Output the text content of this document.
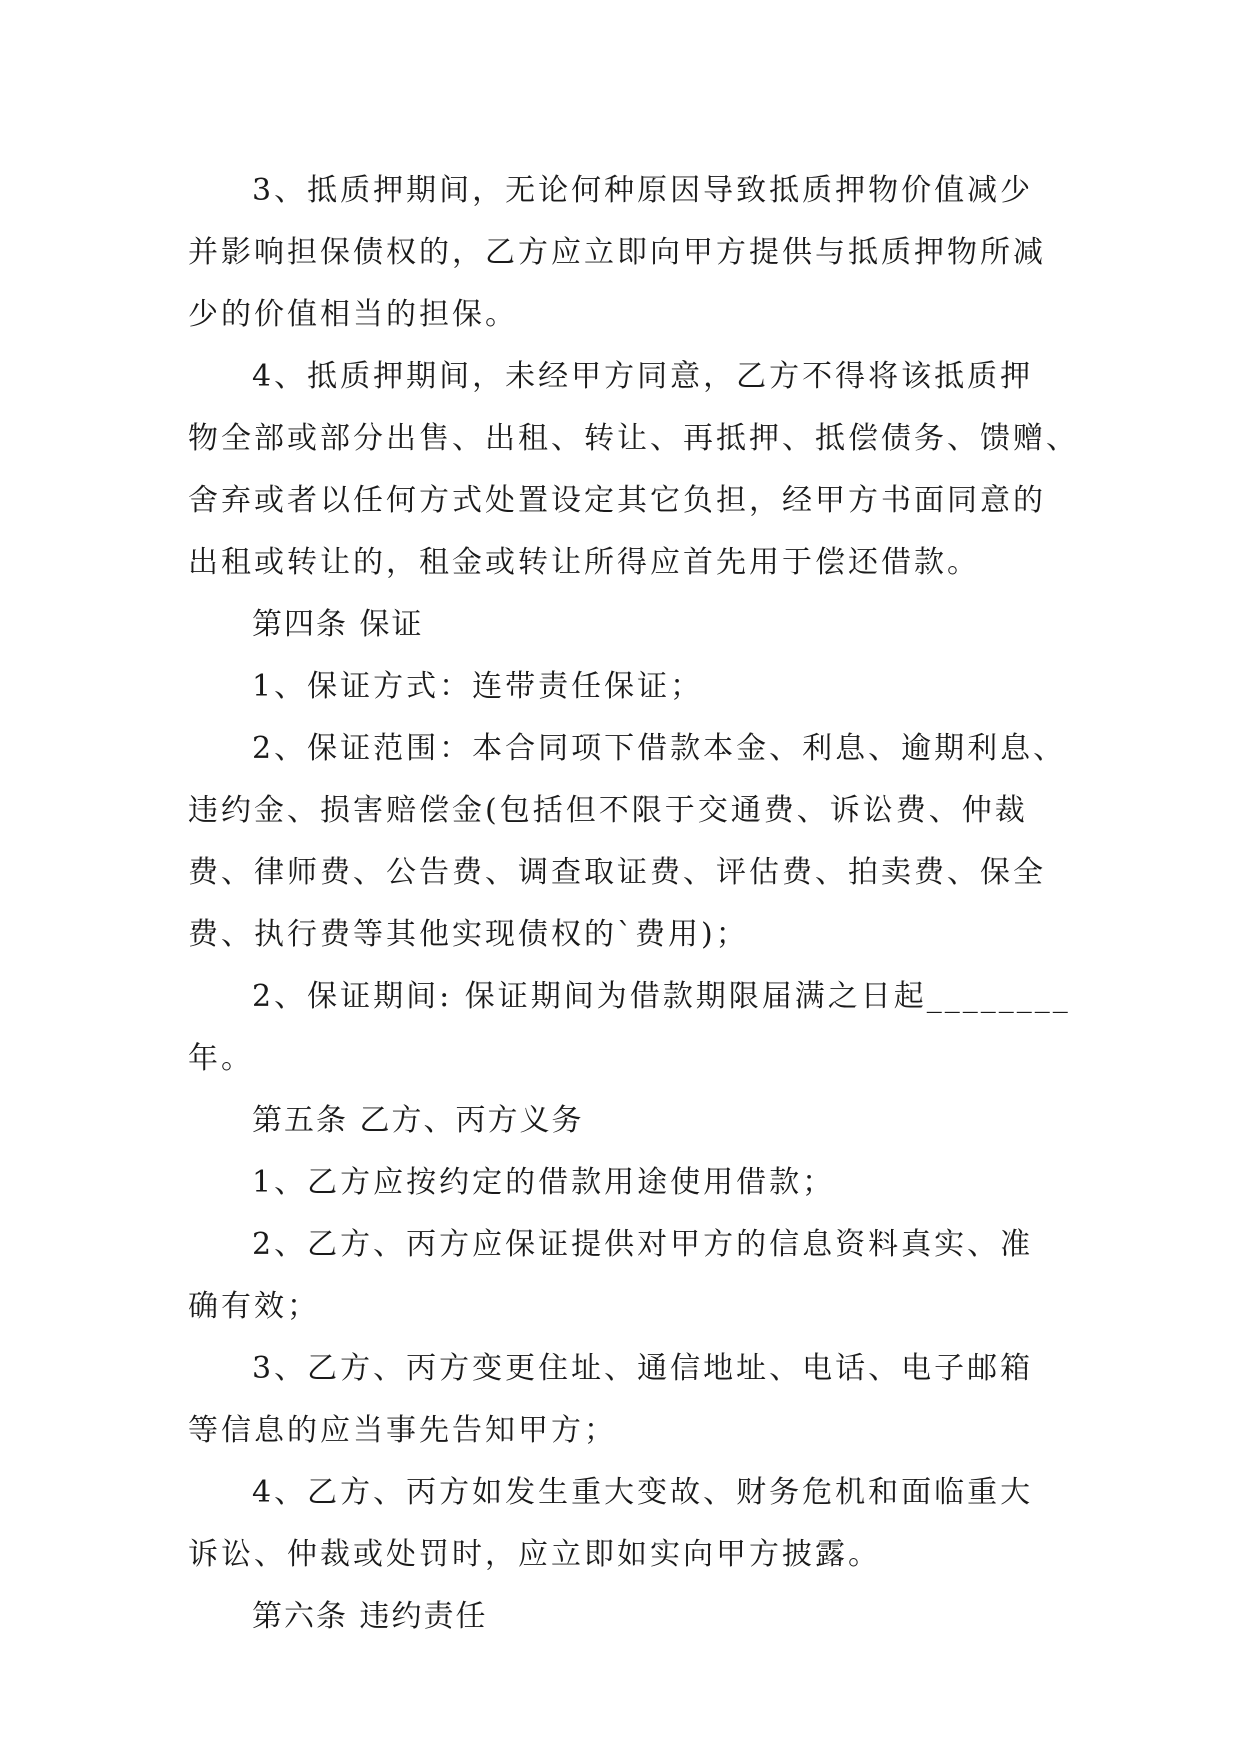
3、抵质押期间，无论何种原因导致抵质押物价值减少
并影响担保债权的，乙方应立即向甲方提供与抵质押物所减
少的价值相当的担保。
4、抵质押期间，未经甲方同意，乙方不得将该抵质押
物全部或部分出售、出租、转让、再抵押、抵偿债务、馈赠、
舍弃或者以任何方式处置设定其它负担，经甲方书面同意的
出租或转让的，租金或转让所得应首先用于偿还借款。
第四条 保证
1、保证方式：连带责任保证；
2、保证范围：本合同项下借款本金、利息、逾期利息、
违约金、损害赔偿金(包括但不限于交通费、诉讼费、仲裁
费、律师费、公告费、调查取证费、评估费、拍卖费、保全
费、执行费等其他实现债权的`费用)；
2、保证期间: 保证期间为借款期限届满之日起________
年。
第五条 乙方、丙方义务
1、乙方应按约定的借款用途使用借款；
2、乙方、丙方应保证提供对甲方的信息资料真实、准
确有效；
3、乙方、丙方变更住址、通信地址、电话、电子邮箱
等信息的应当事先告知甲方；
4、乙方、丙方如发生重大变故、财务危机和面临重大
诉讼、仲裁或处罚时，应立即如实向甲方披露。
第六条 违约责任
